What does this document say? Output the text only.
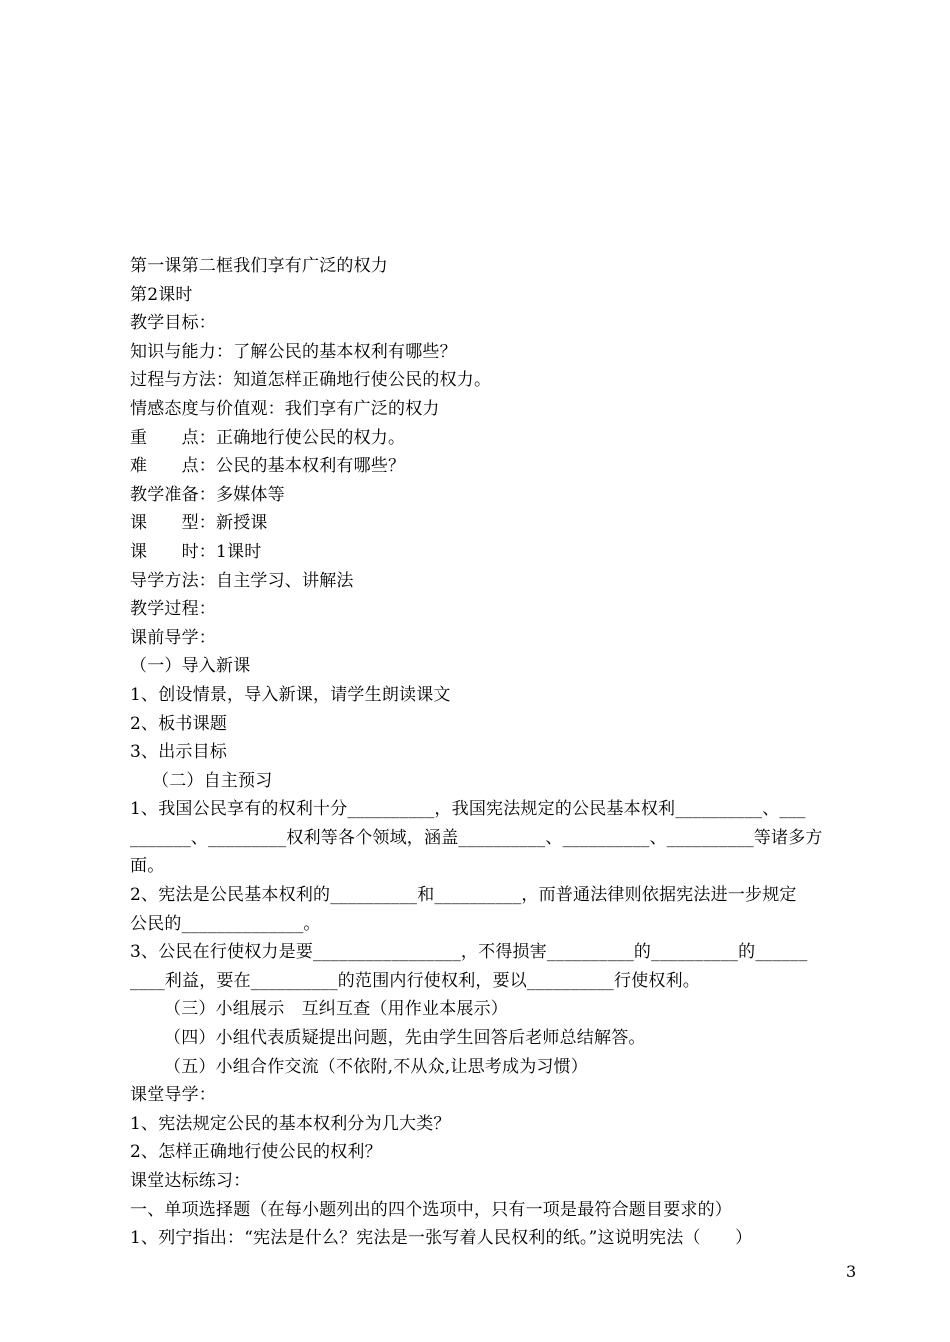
第一课第二框我们享有广泛的权力
第2课时
教学目标：
知识与能力：了解公民的基本权利有哪些？
过程与方法：知道怎样正确地行使公民的权力。
情感态度与价值观：我们享有广泛的权力
重　　点：正确地行使公民的权力。
难　　点：公民的基本权利有哪些？
教学准备：多媒体等
课　　型：新授课
课　　时：1课时
导学方法：自主学习、讲解法
教学过程：
课前导学：
（一）导入新课
1、创设情景，导入新课，请学生朗读课文
2、板书课题
3、出示目标
（二）自主预习
1、我国公民享有的权利十分__________，我国宪法规定的公民基本权利__________、___
_______、_________权利等各个领域，涵盖__________、__________、__________等诸多方
面。
2、宪法是公民基本权利的__________和__________，而普通法律则依据宪法进一步规定
公民的______________。
3、公民在行使权力是要_________________，不得损害__________的__________的______
____利益，要在__________的范围内行使权利，要以__________行使权利。
（三）小组展示　互纠互查（用作业本展示）
（四）小组代表质疑提出问题，先由学生回答后老师总结解答。
（五）小组合作交流（不依附,不从众,让思考成为习惯）
课堂导学：
1、宪法规定公民的基本权利分为几大类？
2、怎样正确地行使公民的权利？
课堂达标练习：
一、单项选择题（在每小题列出的四个选项中，只有一项是最符合题目要求的）
1、列宁指出：“宪法是什么？宪法是一张写着人民权利的纸。”这说明宪法（　　）
3
